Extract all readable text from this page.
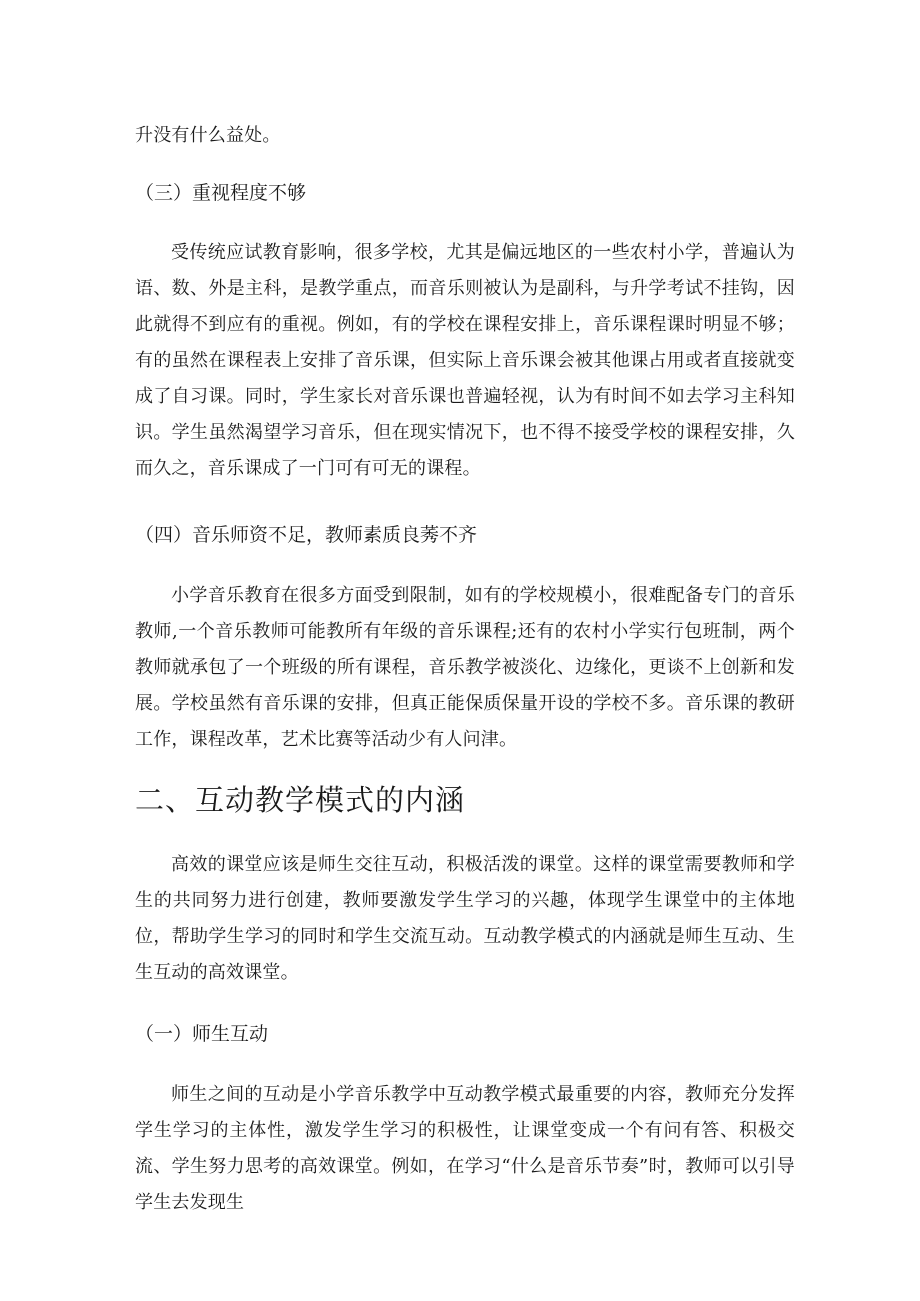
升没有什么益处。

（三）重视程度不够

受传统应试教育影响，很多学校，尤其是偏远地区的一些农村小学，普遍认为语、数、外是主科，是教学重点，而音乐则被认为是副科，与升学考试不挂钩，因此就得不到应有的重视。例如，有的学校在课程安排上，音乐课程课时明显不够；有的虽然在课程表上安排了音乐课，但实际上音乐课会被其他课占用或者直接就变成了自习课。同时，学生家长对音乐课也普遍轻视，认为有时间不如去学习主科知识。学生虽然渴望学习音乐，但在现实情况下，也不得不接受学校的课程安排，久而久之，音乐课成了一门可有可无的课程。

（四）音乐师资不足，教师素质良莠不齐

小学音乐教育在很多方面受到限制，如有的学校规模小，很难配备专门的音乐教师,一个音乐教师可能教所有年级的音乐课程;还有的农村小学实行包班制，两个教师就承包了一个班级的所有课程，音乐教学被淡化、边缘化，更谈不上创新和发展。学校虽然有音乐课的安排，但真正能保质保量开设的学校不多。音乐课的教研工作，课程改革，艺术比赛等活动少有人问津。

二、互动教学模式的内涵

高效的课堂应该是师生交往互动，积极活泼的课堂。这样的课堂需要教师和学生的共同努力进行创建，教师要激发学生学习的兴趣，体现学生课堂中的主体地位，帮助学生学习的同时和学生交流互动。互动教学模式的内涵就是师生互动、生生互动的高效课堂。

（一）师生互动

师生之间的互动是小学音乐教学中互动教学模式最重要的内容，教师充分发挥学生学习的主体性，激发学生学习的积极性，让课堂变成一个有问有答、积极交流、学生努力思考的高效课堂。例如，在学习“什么是音乐节奏”时，教师可以引导学生去发现生
